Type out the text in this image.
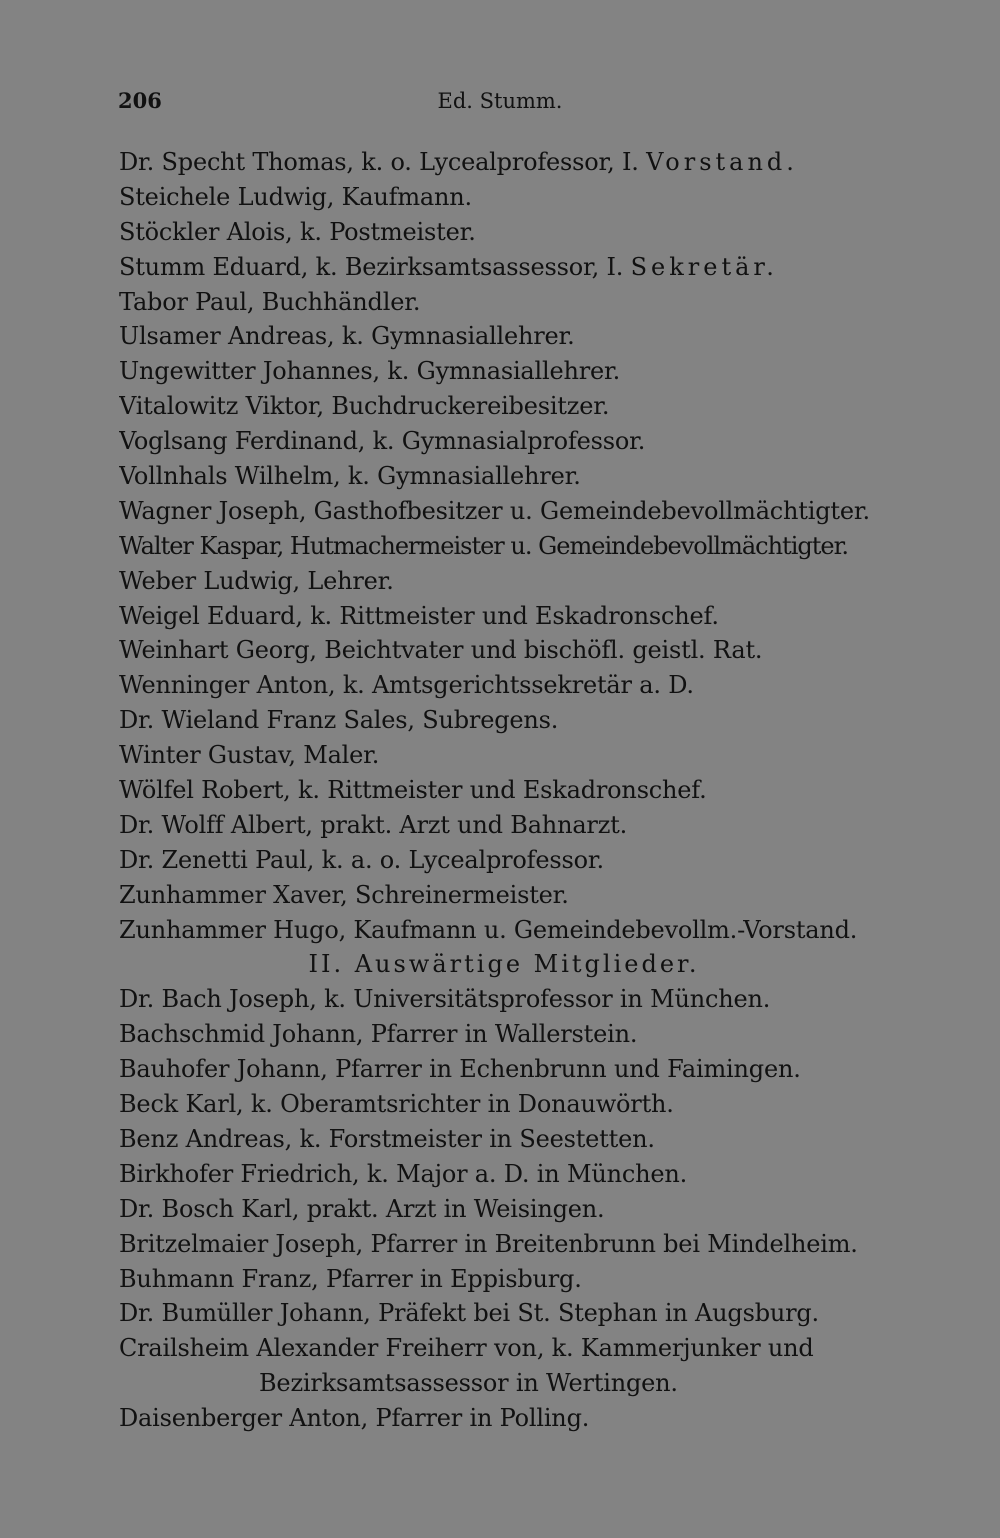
206	Ed. Stumm.
Dr. Specht Thomas, k. o. Lycealprofessor, I. Vorstand.
Steichele Ludwig, Kaufmann.
Stöckler Alois, k. Postmeister.
Stumm Eduard, k. Bezirksamtsassessor, I. Sekretär.
Tabor Paul, Buchhändler.
Ulsamer Andreas, k. Gymnasiallehrer.
Ungewitter Johannes, k. Gymnasiallehrer.
Vitalowitz Viktor, Buchdruckereibesitzer.
Voglsang Ferdinand, k. Gymnasialprofessor.
Vollnhals Wilhelm, k. Gymnasiallehrer.
Wagner Joseph, Gasthofbesitzer u. Gemeindebevollmächtigter.
Walter Kaspar, Hutmachermeister u. Gemeindebevollmächtigter.
Weber Ludwig, Lehrer.
Weigel Eduard, k. Rittmeister und Eskadronschef.
Weinhart Georg, Beichtvater und bischöfl. geistl. Rat.
Wenninger Anton, k. Amtsgerichtssekretär a. D.
Dr. Wieland Franz Sales, Subregens.
Winter Gustav, Maler.
Wölfel Robert, k. Rittmeister und Eskadronschef.
Dr. Wolff Albert, prakt. Arzt und Bahnarzt.
Dr. Zenetti Paul, k. a. o. Lycealprofessor.
Zunhammer Xaver, Schreinermeister.
Zunhammer Hugo, Kaufmann u. Gemeindebevollm.-Vorstand.
II. Auswärtige Mitglieder.
Dr. Bach Joseph, k. Universitätsprofessor in München.
Bachschmid Johann, Pfarrer in Wallerstein.
Bauhofer Johann, Pfarrer in Echenbrunn und Faimingen.
Beck Karl, k. Oberamtsrichter in Donauwörth.
Benz Andreas, k. Forstmeister in Seestetten.
Birkhofer Friedrich, k. Major a. D. in München.
Dr. Bosch Karl, prakt. Arzt in Weisingen.
Britzelmaier Joseph, Pfarrer in Breitenbrunn bei Mindelheim.
Buhmann Franz, Pfarrer in Eppisburg.
Dr. Bumüller Johann, Präfekt bei St. Stephan in Augsburg.
Crailsheim Alexander Freiherr von, k. Kammerjunker und
Bezirksamtsassessor in Wertingen.
Daisenberger Anton, Pfarrer in Polling.
